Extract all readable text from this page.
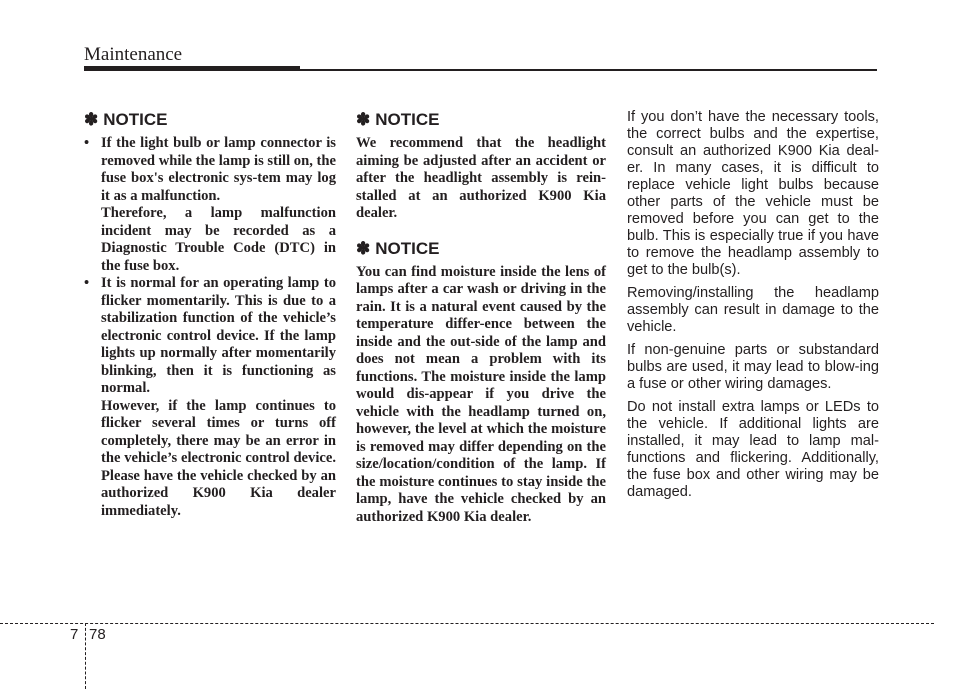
Maintenance
✽ NOTICE
• If the light bulb or lamp connector is removed while the lamp is still on, the fuse box's electronic sys-tem may log it as a malfunction.

Therefore, a lamp malfunction incident may be recorded as a Diagnostic Trouble Code (DTC) in the fuse box.

• It is normal for an operating lamp to flicker momentarily. This is due to a stabilization function of the vehicle’s electronic control device. If the lamp lights up normally after momentarily blinking, then it is functioning as normal.

However, if the lamp continues to flicker several times or turns off completely, there may be an error in the vehicle’s electronic control device. Please have the vehicle checked by an authorized K900 Kia dealer immediately.

✽ NOTICE

We recommend that the headlight aiming be adjusted after an accident or after the headlight assembly is rein-stalled at an authorized K900 Kia dealer.

✽ NOTICE

You can find moisture inside the lens of lamps after a car wash or driving in the rain. It is a natural event caused by the temperature differ-ence between the inside and the out-side of the lamp and does not mean a problem with its functions. The moisture inside the lamp would dis-appear if you drive the vehicle with the headlamp turned on, however, the level at which the moisture is removed may differ depending on the size/location/condition of the lamp. If the moisture continues to stay inside the lamp, have the vehicle checked by an authorized K900 Kia dealer.

If you don’t have the necessary tools, the correct bulbs and the expertise, consult an authorized K900 Kia deal-er. In many cases, it is difficult to replace vehicle light bulbs because other parts of the vehicle must be removed before you can get to the bulb. This is especially true if you have to remove the headlamp assembly to get to the bulb(s).

Removing/installing the headlamp assembly can result in damage to the vehicle.

If non-genuine parts or substandard bulbs are used, it may lead to blow-ing a fuse or other wiring damages.

Do not install extra lamps or LEDs to the vehicle. If additional lights are installed, it may lead to lamp mal-functions and flickering. Additionally, the fuse box and other wiring may be damaged.

7 78
